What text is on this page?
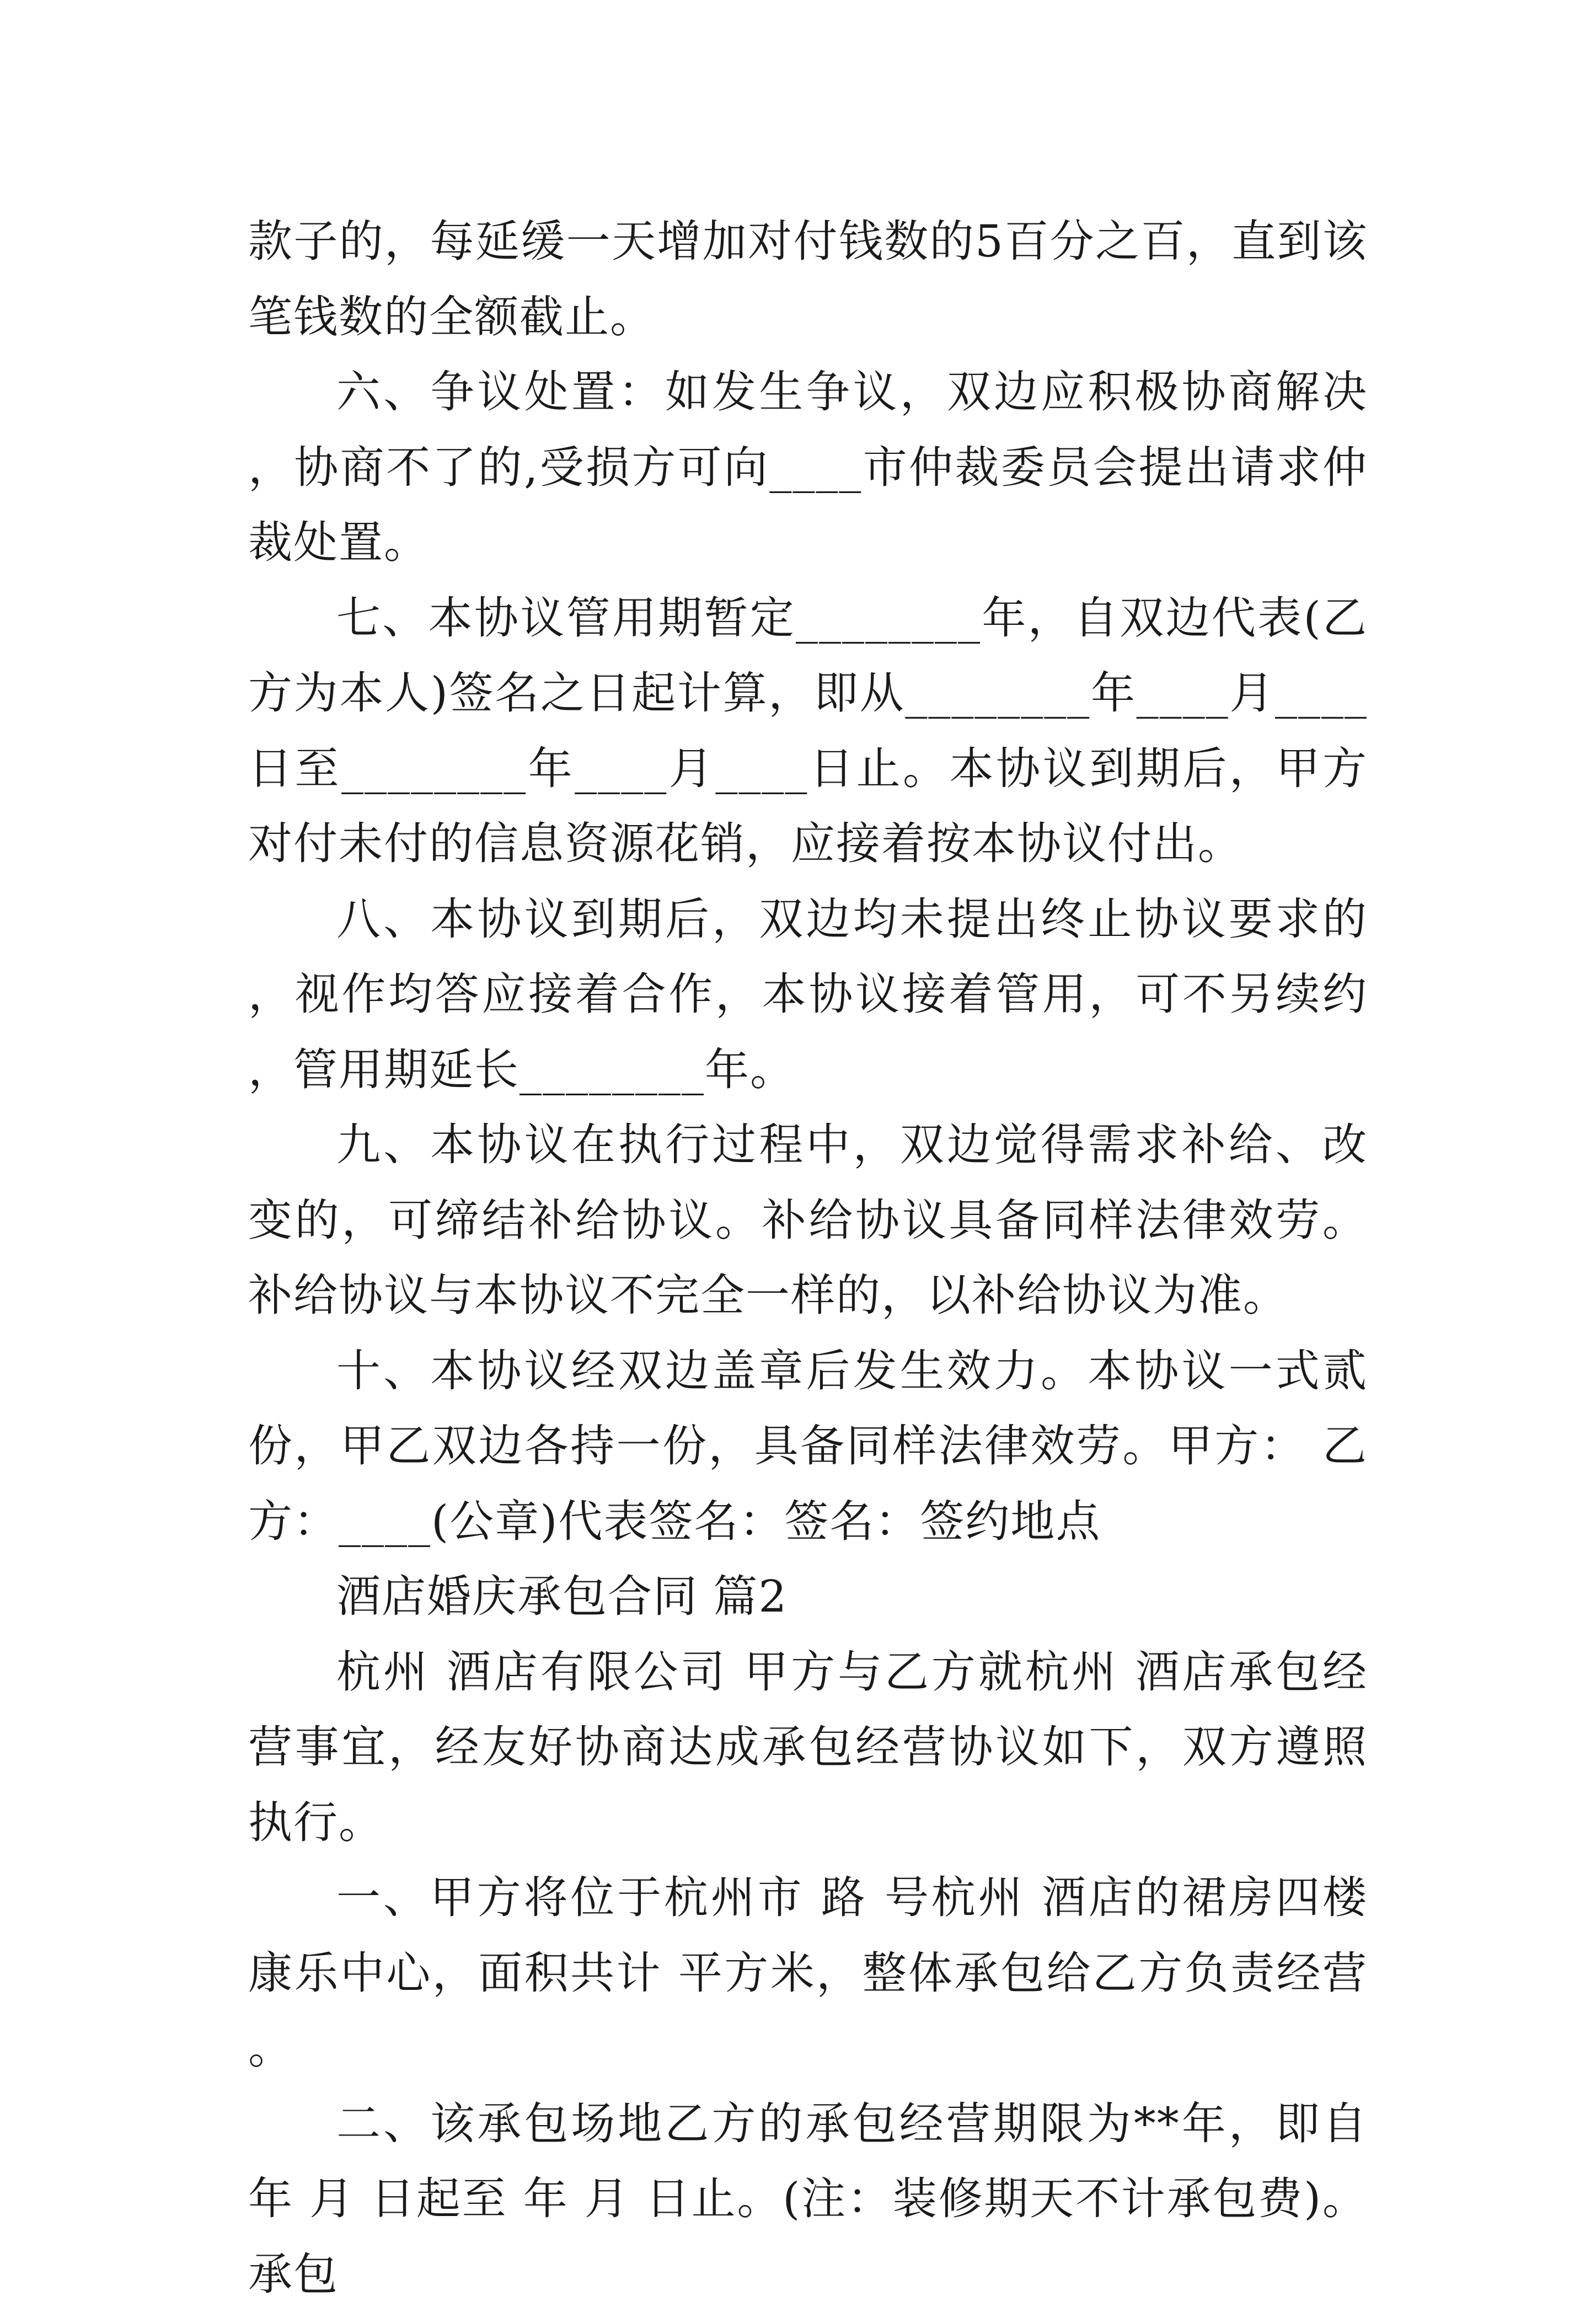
款子的，每延缓一天增加对付钱数的5百分之百，直到该笔钱数的全额截止。

六、争议处置：如发生争议，双边应积极协商解决，协商不了的,受损方可向____市仲裁委员会提出请求仲裁处置。

七、本协议管用期暂定________年，自双边代表(乙方为本人)签名之日起计算，即从________年____月____日至________年____月____日止。本协议到期后，甲方对付未付的信息资源花销，应接着按本协议付出。

八、本协议到期后，双边均未提出终止协议要求的，视作均答应接着合作，本协议接着管用，可不另续约，管用期延长________年。

九、本协议在执行过程中，双边觉得需求补给、改变的，可缔结补给协议。补给协议具备同样法律效劳。补给协议与本协议不完全一样的，以补给协议为准。

十、本协议经双边盖章后发生效力。本协议一式贰份，甲乙双边各持一份，具备同样法律效劳。甲方： 乙方：____(公章)代表签名：签名：签约地点

酒店婚庆承包合同 篇2

杭州 酒店有限公司 甲方与乙方就杭州 酒店承包经营事宜，经友好协商达成承包经营协议如下，双方遵照执行。

一、甲方将位于杭州市 路 号杭州 酒店的裙房四楼康乐中心，面积共计 平方米，整体承包给乙方负责经营。

二、该承包场地乙方的承包经营期限为**年，即自 年 月 日起至 年 月 日止。(注：装修期天不计承包费)。承包
